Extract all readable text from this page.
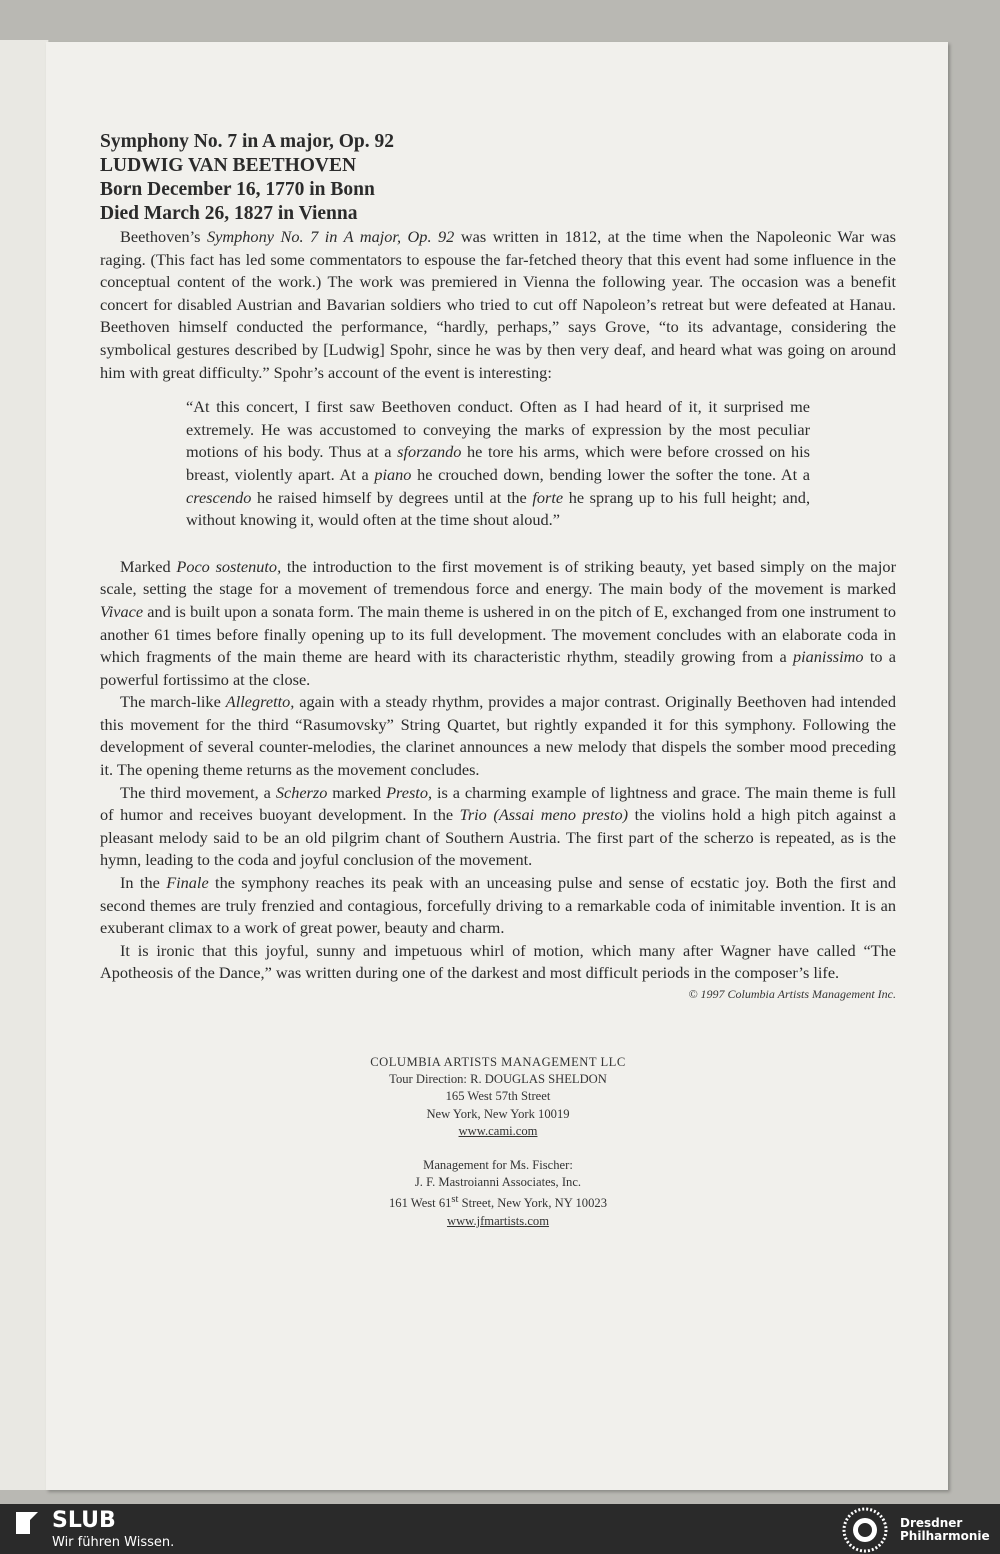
Symphony No. 7 in A major, Op. 92
LUDWIG VAN BEETHOVEN
Born December 16, 1770 in Bonn
Died March 26, 1827 in Vienna

Beethoven’s Symphony No. 7 in A major, Op. 92 was written in 1812, at the time when the Napoleonic War was raging. (This fact has led some commentators to espouse the far-fetched theory that this event had some influence in the conceptual content of the work.) The work was premiered in Vienna the following year. The occasion was a benefit concert for disabled Austrian and Bavarian soldiers who tried to cut off Napoleon’s retreat but were defeated at Hanau. Beethoven himself conducted the performance, “hardly, perhaps,” says Grove, “to its advantage, considering the symbolical gestures described by [Ludwig] Spohr, since he was by then very deaf, and heard what was going on around him with great difficulty.” Spohr’s account of the event is interesting:

“At this concert, I first saw Beethoven conduct. Often as I had heard of it, it surprised me extremely. He was accustomed to conveying the marks of expression by the most peculiar motions of his body. Thus at a sforzando he tore his arms, which were before crossed on his breast, violently apart. At a piano he crouched down, bending lower the softer the tone. At a crescendo he raised himself by degrees until at the forte he sprang up to his full height; and, without knowing it, would often at the time shout aloud.”

Marked Poco sostenuto, the introduction to the first movement is of striking beauty, yet based simply on the major scale, setting the stage for a movement of tremendous force and energy. The main body of the movement is marked Vivace and is built upon a sonata form. The main theme is ushered in on the pitch of E, exchanged from one instrument to another 61 times before finally opening up to its full development. The movement concludes with an elaborate coda in which fragments of the main theme are heard with its characteristic rhythm, steadily growing from a pianissimo to a powerful fortissimo at the close.

The march-like Allegretto, again with a steady rhythm, provides a major contrast. Originally Beethoven had intended this movement for the third “Rasumovsky” String Quartet, but rightly expanded it for this symphony. Following the development of several counter-melodies, the clarinet announces a new melody that dispels the somber mood preceding it. The opening theme returns as the movement concludes.

The third movement, a Scherzo marked Presto, is a charming example of lightness and grace. The main theme is full of humor and receives buoyant development. In the Trio (Assai meno presto) the violins hold a high pitch against a pleasant melody said to be an old pilgrim chant of Southern Austria. The first part of the scherzo is repeated, as is the hymn, leading to the coda and joyful conclusion of the movement.

In the Finale the symphony reaches its peak with an unceasing pulse and sense of ecstatic joy. Both the first and second themes are truly frenzied and contagious, forcefully driving to a remarkable coda of inimitable invention. It is an exuberant climax to a work of great power, beauty and charm.

It is ironic that this joyful, sunny and impetuous whirl of motion, which many after Wagner have called “The Apotheosis of the Dance,” was written during one of the darkest and most difficult periods in the composer’s life.

© 1997 Columbia Artists Management Inc.
COLUMBIA ARTISTS MANAGEMENT LLC
Tour Direction: R. DOUGLAS SHELDON
165 West 57th Street
New York, New York 10019
www.cami.com
Management for Ms. Fischer:
J. F. Mastroianni Associates, Inc.
161 West 61st Street, New York, NY 10023
www.jfmartists.com
SLUB
Wir führen Wissen.
Dresdner
Philharmonie
